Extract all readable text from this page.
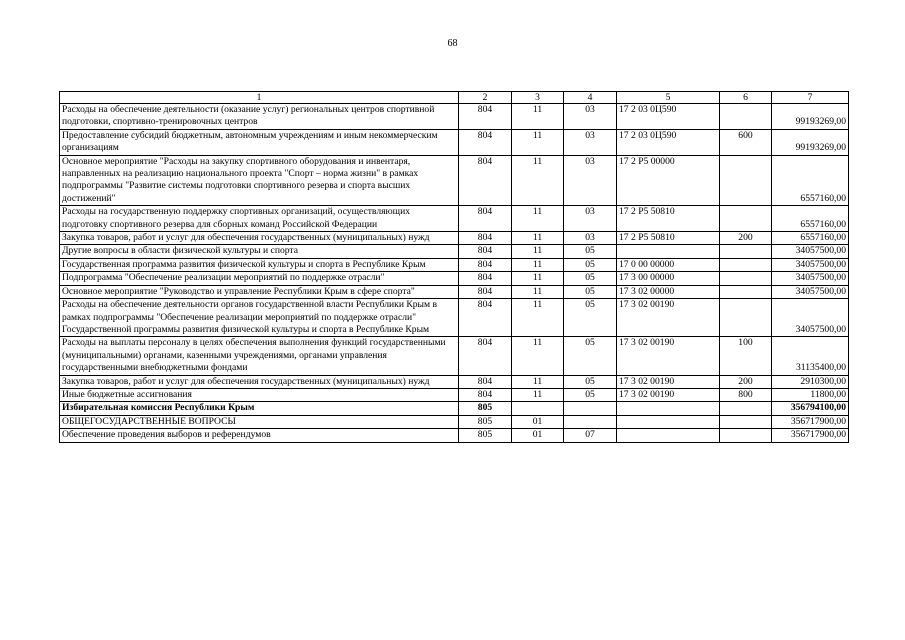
68
1	2	3	4	5	6	7
Расходы на обеспечение деятельности (оказание услуг) региональных центров спортивной подготовки, спортивно-тренировочных центров	804	11	03	17 2 03 0Ц590		99193269,00
Предоставление субсидий бюджетным, автономным учреждениям и иным некоммерческим организациям	804	11	03	17 2 03 0Ц590	600	99193269,00
Основное мероприятие "Расходы на закупку спортивного оборудования и инвентаря, направленных на реализацию национального проекта "Спорт – норма жизни" в рамках подпрограммы "Развитие системы подготовки спортивного резерва и спорта высших достижений"	804	11	03	17 2 Р5 00000		6557160,00
Расходы на государственную поддержку спортивных организаций, осуществляющих подготовку спортивного резерва для сборных команд Российской Федерации	804	11	03	17 2 Р5 50810		6557160,00
Закупка товаров, работ и услуг для обеспечения государственных (муниципальных) нужд	804	11	03	17 2 Р5 50810	200	6557160,00
Другие вопросы в области физической культуры и спорта	804	11	05			34057500,00
Государственная программа развития физической культуры и спорта в Республике Крым	804	11	05	17 0 00 00000		34057500,00
Подпрограмма "Обеспечение реализации мероприятий по поддержке отрасли"	804	11	05	17 3 00 00000		34057500,00
Основное мероприятие "Руководство и управление Республики Крым в сфере спорта"	804	11	05	17 3 02 00000		34057500,00
Расходы на обеспечение деятельности органов государственной власти Республики Крым в рамках подпрограммы "Обеспечение реализации мероприятий по поддержке отрасли" Государственной программы развития физической культуры и спорта в Республике Крым	804	11	05	17 3 02 00190		34057500,00
Расходы на выплаты персоналу в целях обеспечения выполнения функций государственными (муниципальными) органами, казенными учреждениями, органами управления государственными внебюджетными фондами	804	11	05	17 3 02 00190	100	31135400,00
Закупка товаров, работ и услуг для обеспечения государственных (муниципальных) нужд	804	11	05	17 3 02 00190	200	2910300,00
Иные бюджетные ассигнования	804	11	05	17 3 02 00190	800	11800,00
Избирательная комиссия Республики Крым	805					356794100,00
ОБЩЕГОСУДАРСТВЕННЫЕ ВОПРОСЫ	805	01				356717900,00
Обеспечение проведения выборов и референдумов	805	01	07			356717900,00
